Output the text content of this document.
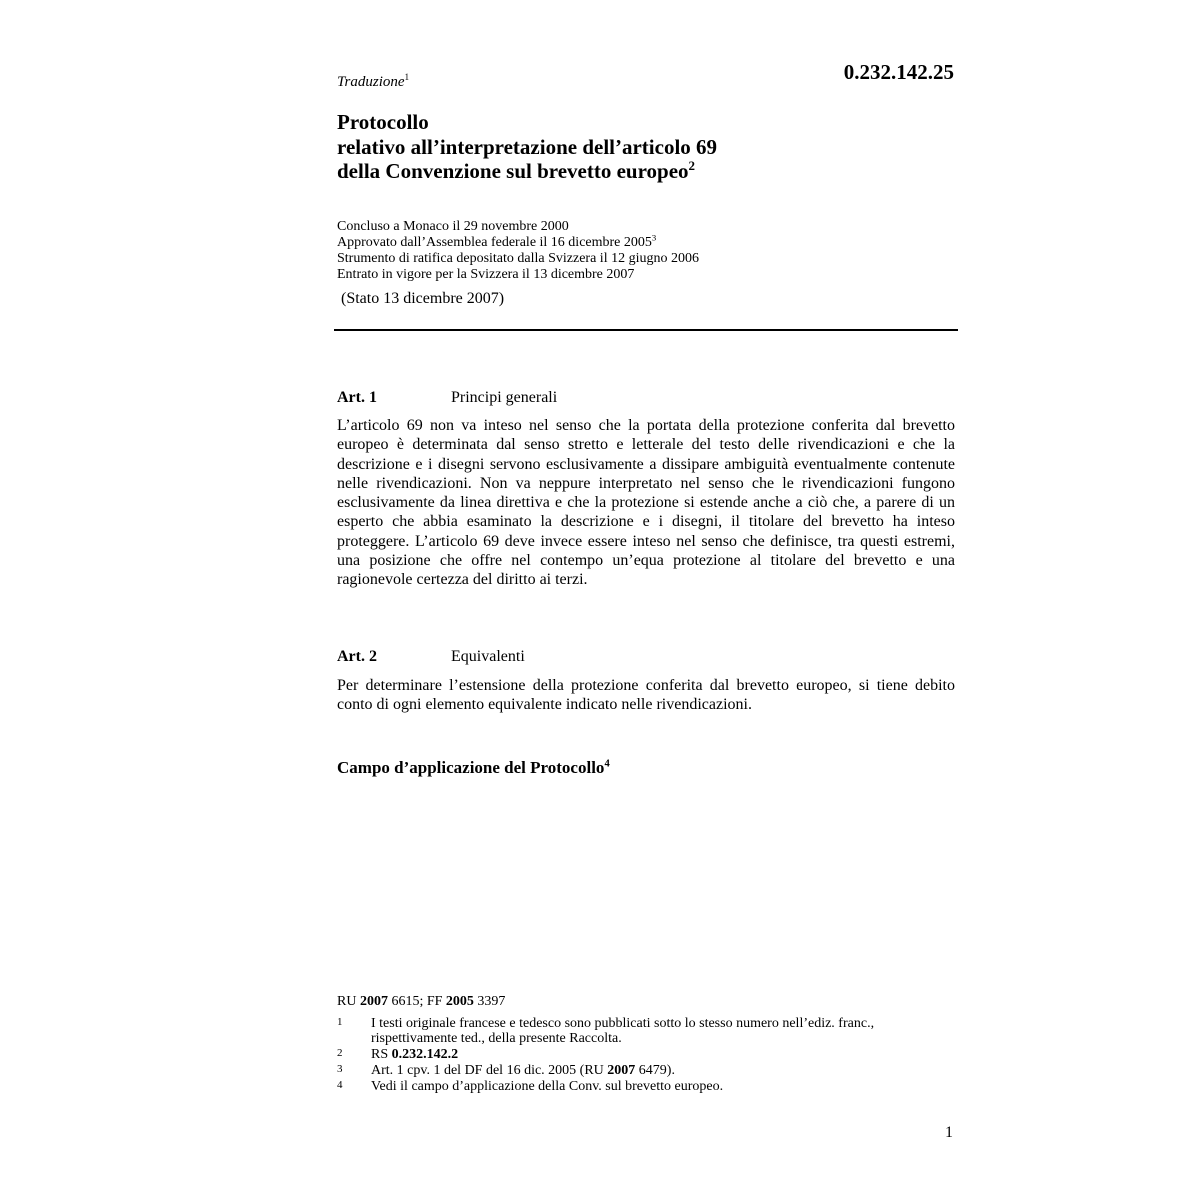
Traduzione$^1$	0.232.142.25
Protocollo
relativo all’interpretazione dell’articolo 69
della Convenzione sul brevetto europeo$^2$
Concluso a Monaco il 29 novembre 2000
Approvato dall’Assemblea federale il 16 dicembre 2005$^3$
Strumento di ratifica depositato dalla Svizzera il 12 giugno 2006
Entrato in vigore per la Svizzera il 13 dicembre 2007
(Stato 13 dicembre 2007)
Art. 1	Principi generali
L’articolo 69 non va inteso nel senso che la portata della protezione conferita dal brevetto europeo è determinata dal senso stretto e letterale del testo delle rivendicazioni e che la descrizione e i disegni servono esclusivamente a dissipare ambiguità eventualmente contenute nelle rivendicazioni. Non va neppure interpretato nel senso che le rivendicazioni fungono esclusivamente da linea direttiva e che la protezione si estende anche a ciò che, a parere di un esperto che abbia esaminato la descrizione e i disegni, il titolare del brevetto ha inteso proteggere. L’articolo 69 deve invece essere inteso nel senso che definisce, tra questi estremi, una posizione che offre nel contempo un’equa protezione al titolare del brevetto e una ragionevole certezza del diritto ai terzi.
Art. 2	Equivalenti
Per determinare l’estensione della protezione conferita dal brevetto europeo, si tiene debito conto di ogni elemento equivalente indicato nelle rivendicazioni.
Campo d’applicazione del Protocollo$^4$
RU 2007 6615; FF 2005 3397
1	I testi originale francese e tedesco sono pubblicati sotto lo stesso numero nell’ediz. franc., rispettivamente ted., della presente Raccolta.
2	RS 0.232.142.2
3	Art. 1 cpv. 1 del DF del 16 dic. 2005 (RU 2007 6479).
4	Vedi il campo d’applicazione della Conv. sul brevetto europeo.
1
